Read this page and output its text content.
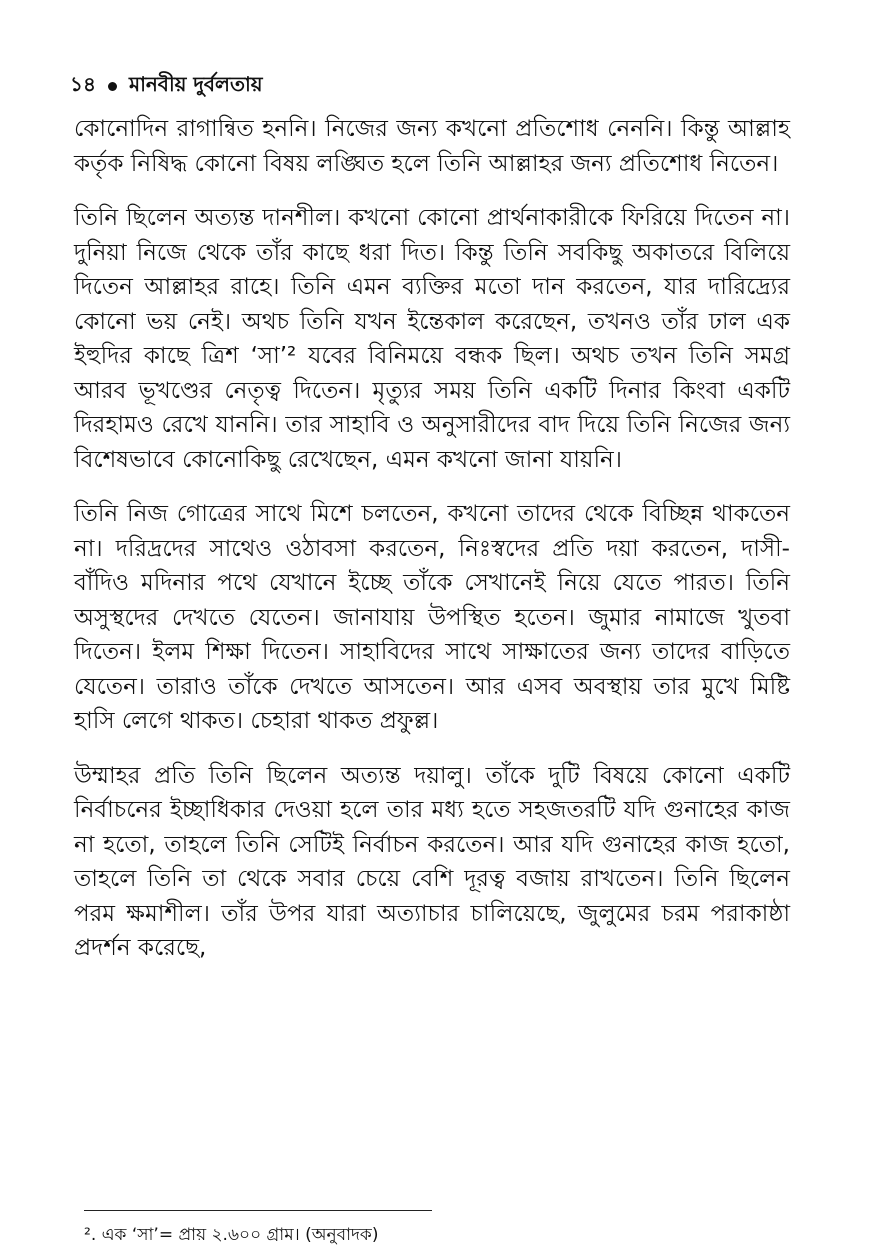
১৪ মানবীয় দুর্বলতায়

কোনোদিন রাগান্বিত হননি। নিজের জন্য কখনো প্রতিশোধ নেননি। কিন্তু আল্লাহ কর্তৃক নিষিদ্ধ কোনো বিষয় লঙ্ঘিত হলে তিনি আল্লাহর জন্য প্রতিশোধ নিতেন।

তিনি ছিলেন অত্যন্ত দানশীল। কখনো কোনো প্রার্থনাকারীকে ফিরিয়ে দিতেন না। দুনিয়া নিজে থেকে তাঁর কাছে ধরা দিত। কিন্তু তিনি সবকিছু অকাতরে বিলিয়ে দিতেন আল্লাহর রাহে। তিনি এমন ব্যক্তির মতো দান করতেন, যার দারিদ্র্যের কোনো ভয় নেই। অথচ তিনি যখন ইন্তেকাল করেছেন, তখনও তাঁর ঢাল এক ইহুদির কাছে ত্রিশ ‘সা’² যবের বিনিময়ে বন্ধক ছিল। অথচ তখন তিনি সমগ্র আরব ভূখণ্ডের নেতৃত্ব দিতেন। মৃত্যুর সময় তিনি একটি দিনার কিংবা একটি দিরহামও রেখে যাননি। তার সাহাবি ও অনুসারীদের বাদ দিয়ে তিনি নিজের জন্য বিশেষভাবে কোনোকিছু রেখেছেন, এমন কখনো জানা যায়নি।

তিনি নিজ গোত্রের সাথে মিশে চলতেন, কখনো তাদের থেকে বিচ্ছিন্ন থাকতেন না। দরিদ্রদের সাথেও ওঠাবসা করতেন, নিঃস্বদের প্রতি দয়া করতেন, দাসী-বাঁদিও মদিনার পথে যেখানে ইচ্ছে তাঁকে সেখানেই নিয়ে যেতে পারত। তিনি অসুস্থদের দেখতে যেতেন। জানাযায় উপস্থিত হতেন। জুমার নামাজে খুতবা দিতেন। ইলম শিক্ষা দিতেন। সাহাবিদের সাথে সাক্ষাতের জন্য তাদের বাড়িতে যেতেন। তারাও তাঁকে দেখতে আসতেন। আর এসব অবস্থায় তার মুখে মিষ্টি হাসি লেগে থাকত। চেহারা থাকত প্রফুল্ল।

উম্মাহর প্রতি তিনি ছিলেন অত্যন্ত দয়ালু। তাঁকে দুটি বিষয়ে কোনো একটি নির্বাচনের ইচ্ছাধিকার দেওয়া হলে তার মধ্য হতে সহজতরটি যদি গুনাহের কাজ না হতো, তাহলে তিনি সেটিই নির্বাচন করতেন। আর যদি গুনাহের কাজ হতো, তাহলে তিনি তা থেকে সবার চেয়ে বেশি দূরত্ব বজায় রাখতেন। তিনি ছিলেন পরম ক্ষমাশীল। তাঁর উপর যারা অত্যাচার চালিয়েছে, জুলুমের চরম পরাকাষ্ঠা প্রদর্শন করেছে,

². এক ‘সা’= প্রায় ২.৬০০ গ্রাম। (অনুবাদক)
